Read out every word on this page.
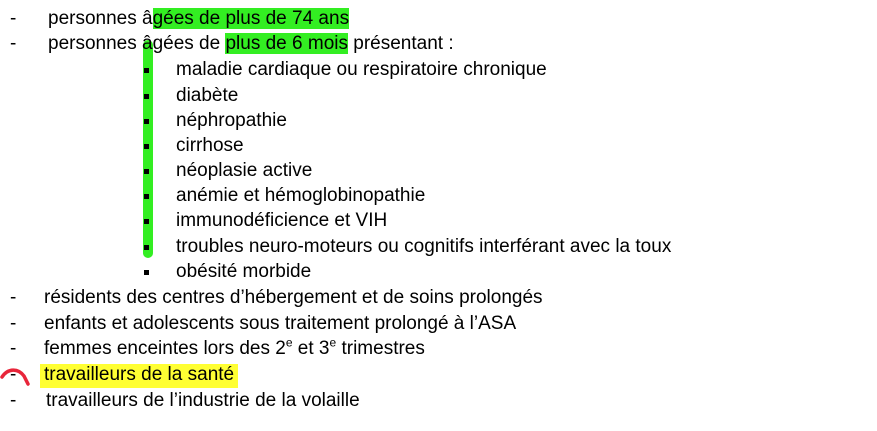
- personnes âgées de plus de 74 ans
- personnes âgées de plus de 6 mois présentant :
maladie cardiaque ou respiratoire chronique
diabète
néphropathie
cirrhose
néoplasie active
anémie et hémoglobinopathie
immunodéficience et VIH
troubles neuro-moteurs ou cognitifs interférant avec la toux
obésité morbide
- résidents des centres d’hébergement et de soins prolongés
- enfants et adolescents sous traitement prolongé à l’ASA
- femmes enceintes lors des 2e et 3e trimestres
- travailleurs de la santé
- travailleurs de l’industrie de la volaille
